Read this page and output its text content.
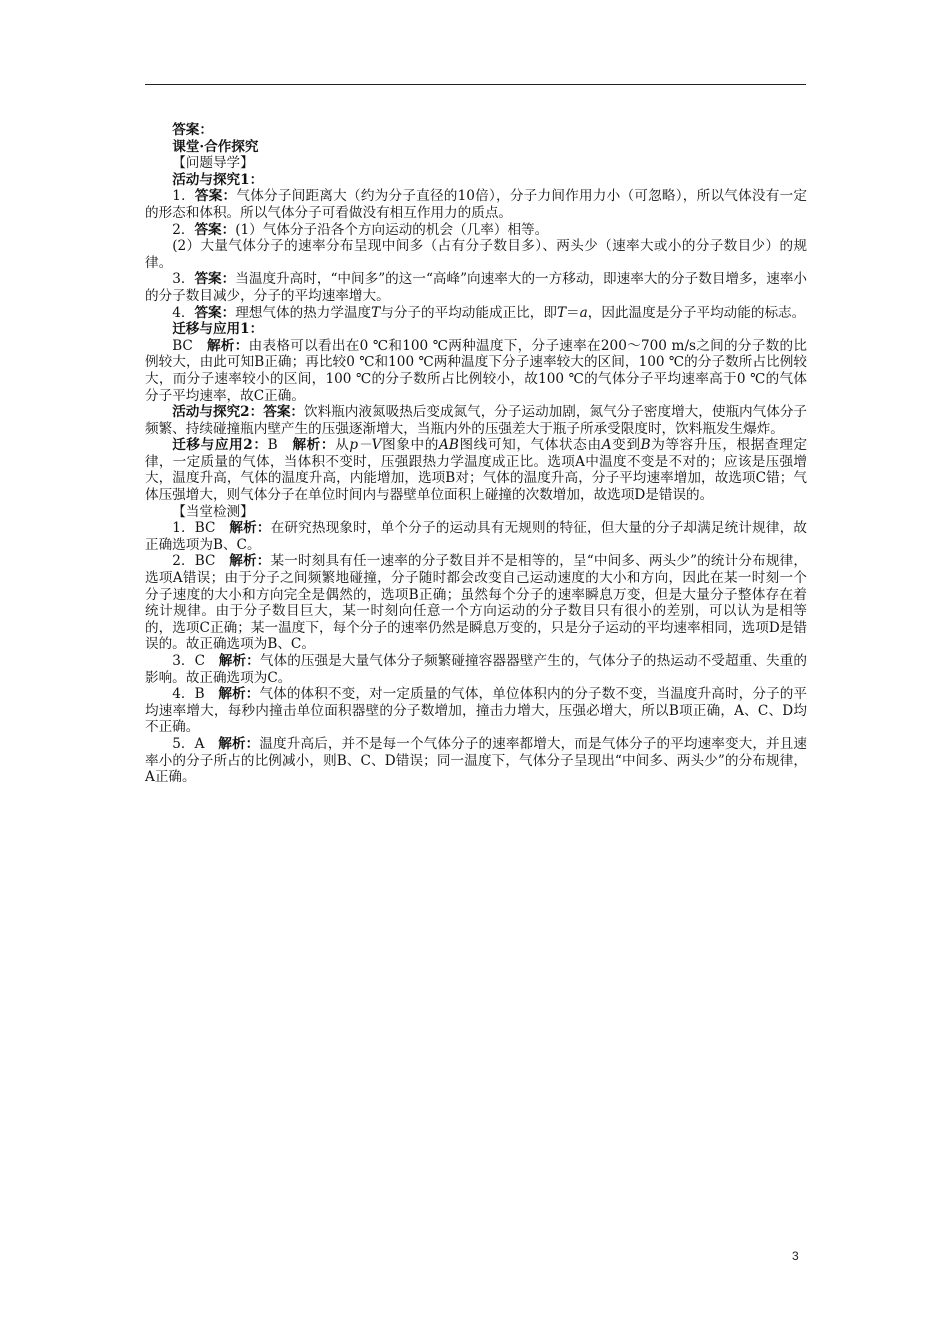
答案：

课堂·合作探究

【问题导学】

活动与探究1：

1．答案：气体分子间距离大（约为分子直径的10倍），分子力间作用力小（可忽略），所以气体没有一定的形态和体积。所以气体分子可看做没有相互作用力的质点。

2．答案：(1）气体分子沿各个方向运动的机会（几率）相等。

(2）大量气体分子的速率分布呈现中间多（占有分子数目多）、两头少（速率大或小的分子数目少）的规律。

3．答案：当温度升高时，“中间多”的这一“高峰”向速率大的一方移动，即速率大的分子数目增多，速率小的分子数目减少，分子的平均速率增大。

4．答案：理想气体的热力学温度T与分子的平均动能成正比，即T＝a，因此温度是分子平均动能的标志。

迁移与应用1：

BC　解析：由表格可以看出在0 ℃和100 ℃两种温度下，分子速率在200～700 m/s之间的分子数的比例较大，由此可知B正确；再比较0 ℃和100 ℃两种温度下分子速率较大的区间，100 ℃的分子数所占比例较大，而分子速率较小的区间，100 ℃的分子数所占比例较小，故100 ℃的气体分子平均速率高于0 ℃的气体分子平均速率，故C正确。

活动与探究2：答案：饮料瓶内液氮吸热后变成氮气，分子运动加剧，氮气分子密度增大，使瓶内气体分子频繁、持续碰撞瓶内壁产生的压强逐渐增大，当瓶内外的压强差大于瓶子所承受限度时，饮料瓶发生爆炸。

迁移与应用2：B　解析：从p－V图象中的AB图线可知，气体状态由A变到B为等容升压，根据查理定律，一定质量的气体，当体积不变时，压强跟热力学温度成正比。选项A中温度不变是不对的；应该是压强增大，温度升高，气体的温度升高，内能增加，选项B对；气体的温度升高，分子平均速率增加，故选项C错；气体压强增大，则气体分子在单位时间内与器壁单位面积上碰撞的次数增加，故选项D是错误的。

【当堂检测】

1．BC　解析：在研究热现象时，单个分子的运动具有无规则的特征，但大量的分子却满足统计规律，故正确选项为B、C。

2．BC　解析：某一时刻具有任一速率的分子数目并不是相等的，呈“中间多、两头少”的统计分布规律，选项A错误；由于分子之间频繁地碰撞，分子随时都会改变自己运动速度的大小和方向，因此在某一时刻一个分子速度的大小和方向完全是偶然的，选项B正确；虽然每个分子的速率瞬息万变，但是大量分子整体存在着统计规律。由于分子数目巨大，某一时刻向任意一个方向运动的分子数目只有很小的差别，可以认为是相等的，选项C正确；某一温度下，每个分子的速率仍然是瞬息万变的，只是分子运动的平均速率相同，选项D是错误的。故正确选项为B、C。

3．C　解析：气体的压强是大量气体分子频繁碰撞容器器壁产生的，气体分子的热运动不受超重、失重的影响。故正确选项为C。

4．B　解析：气体的体积不变，对一定质量的气体，单位体积内的分子数不变，当温度升高时，分子的平均速率增大，每秒内撞击单位面积器壁的分子数增加，撞击力增大，压强必增大，所以B项正确，A、C、D均不正确。

5．A　解析：温度升高后，并不是每一个气体分子的速率都增大，而是气体分子的平均速率变大，并且速率小的分子所占的比例减小，则B、C、D错误；同一温度下，气体分子呈现出“中间多、两头少”的分布规律，A正确。

3
